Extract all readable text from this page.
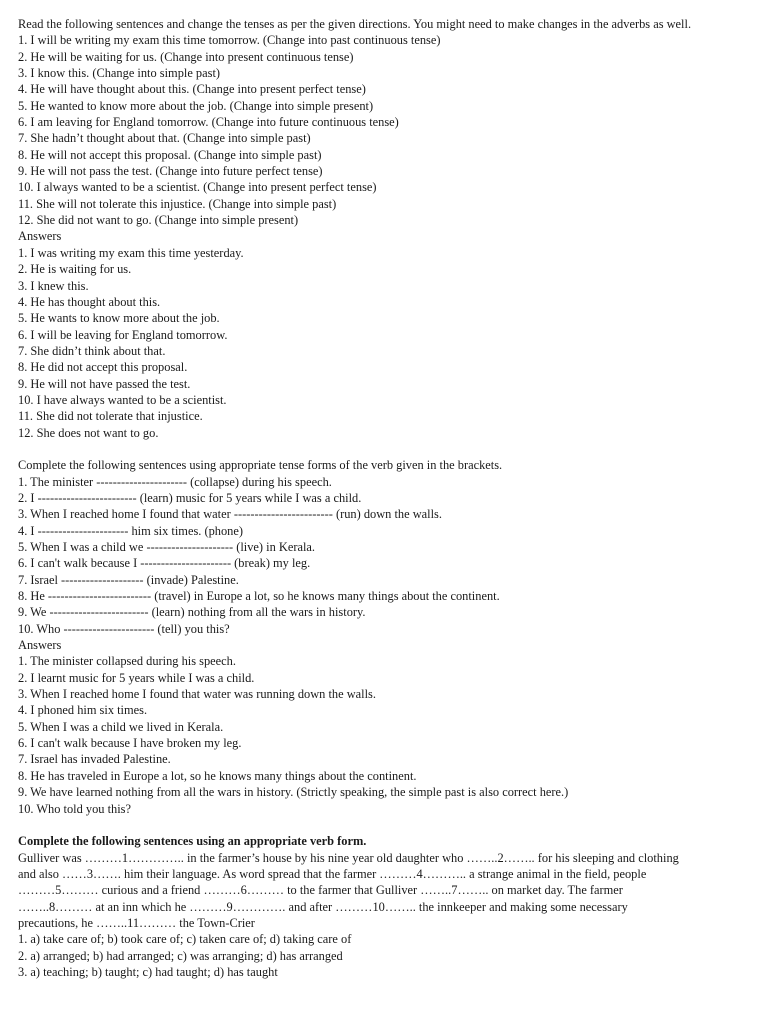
Read the following sentences and change the tenses as per the given directions. You might need to make changes in the adverbs as well.
1. I will be writing my exam this time tomorrow. (Change into past continuous tense)
2. He will be waiting for us. (Change into present continuous tense)
3. I know this. (Change into simple past)
4. He will have thought about this. (Change into present perfect tense)
5. He wanted to know more about the job. (Change into simple present)
6. I am leaving for England tomorrow. (Change into future continuous tense)
7. She hadn’t thought about that. (Change into simple past)
8. He will not accept this proposal. (Change into simple past)
9. He will not pass the test. (Change into future perfect tense)
10. I always wanted to be a scientist. (Change into present perfect tense)
11. She will not tolerate this injustice. (Change into simple past)
12. She did not want to go. (Change into simple present)
Answers
1. I was writing my exam this time yesterday.
2. He is waiting for us.
3. I knew this.
4. He has thought about this.
5. He wants to know more about the job.
6. I will be leaving for England tomorrow.
7. She didn’t think about that.
8. He did not accept this proposal.
9. He will not have passed the test.
10. I have always wanted to be a scientist.
11. She did not tolerate that injustice.
12. She does not want to go.
Complete the following sentences using appropriate tense forms of the verb given in the brackets.
1. The minister ---------------------- (collapse) during his speech.
2. I ------------------------ (learn) music for 5 years while I was a child.
3. When I reached home I found that water ------------------------ (run) down the walls.
4. I ---------------------- him six times. (phone)
5. When I was a child we --------------------- (live) in Kerala.
6. I can't walk because I ---------------------- (break) my leg.
7. Israel -------------------- (invade) Palestine.
8. He ------------------------- (travel) in Europe a lot, so he knows many things about the continent.
9. We ------------------------ (learn) nothing from all the wars in history.
10. Who ---------------------- (tell) you this?
Answers
1. The minister collapsed during his speech.
2. I learnt music for 5 years while I was a child.
3. When I reached home I found that water was running down the walls.
4. I phoned him six times.
5. When I was a child we lived in Kerala.
6. I can't walk because I have broken my leg.
7. Israel has invaded Palestine.
8. He has traveled in Europe a lot, so he knows many things about the continent.
9. We have learned nothing from all the wars in history. (Strictly speaking, the simple past is also correct here.)
10. Who told you this?
Complete the following sentences using an appropriate verb form.
Gulliver was ………1………….. in the farmer’s house by his nine year old daughter who ……..2…….. for his sleeping and clothing
and also ……3……. him their language. As word spread that the farmer ………4……….. a strange animal in the field, people
………5……… curious and a friend ………6……… to the farmer that Gulliver ……..7…….. on market day. The farmer
……..8……… at an inn which he ………9…………. and after ………10…….. the innkeeper and making some necessary
precautions, he ……..11……… the Town-Crier
1. a) take care of; b) took care of; c) taken care of; d) taking care of
2. a) arranged; b) had arranged; c) was arranging; d) has arranged
3. a) teaching; b) taught; c) had taught; d) has taught
